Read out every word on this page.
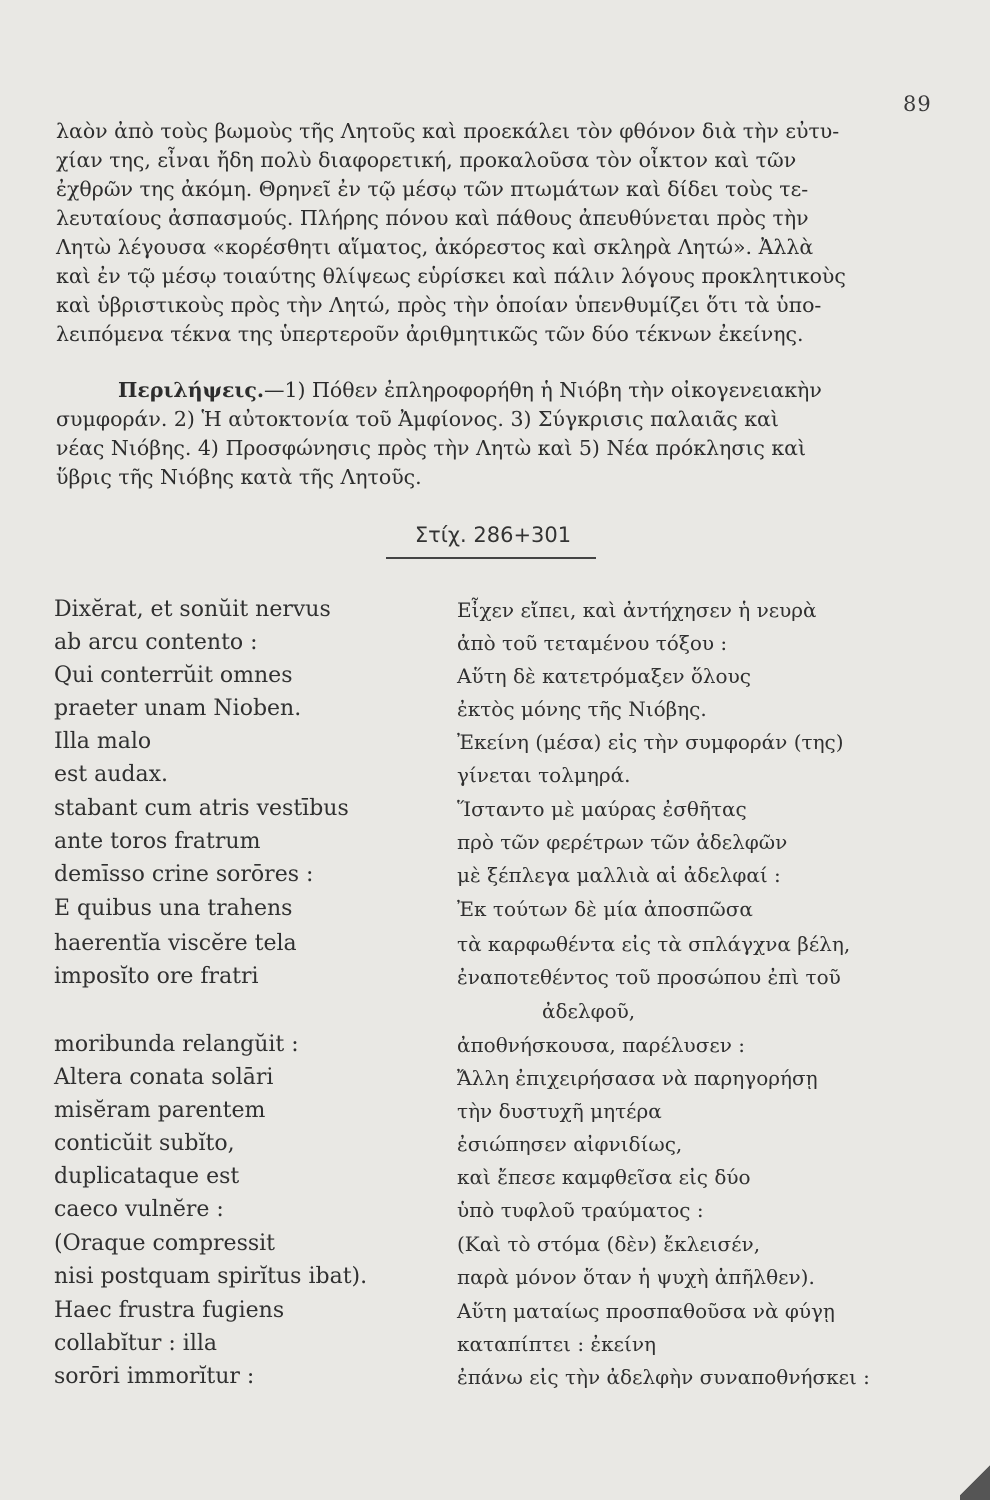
89
λαὸν ἀπὸ τοὺς βωμοὺς τῆς Λητοῦς καὶ προεκάλει τὸν φθόνον διὰ τὴν εὐτυ-
χίαν της, εἶναι ἤδη πολὺ διαφορετική, προκαλοῦσα τὸν οἶκτον καὶ τῶν
ἐχθρῶν της ἀκόμη. Θρηνεῖ ἐν τῷ μέσῳ τῶν πτωμάτων καὶ δίδει τοὺς τε-
λευταίους ἀσπασμούς. Πλήρης πόνου καὶ πάθους ἀπευθύνεται πρὸς τὴν
Λητὼ λέγουσα «κορέσθητι αἵματος, ἀκόρεστος καὶ σκληρὰ Λητώ». Ἀλλὰ
καὶ ἐν τῷ μέσῳ τοιαύτης θλίψεως εὑρίσκει καὶ πάλιν λόγους προκλητικοὺς
καὶ ὑβριστικοὺς πρὸς τὴν Λητώ, πρὸς τὴν ὁποίαν ὑπενθυμίζει ὅτι τὰ ὑπο-
λειπόμενα τέκνα της ὑπερτεροῦν ἀριθμητικῶς τῶν δύο τέκνων ἐκείνης.
Περιλήψεις.—1) Πόθεν ἐπληροφορήθη ἡ Νιόβη τὴν οἰκογενειακὴν
συμφοράν. 2) Ἡ αὐτοκτονία τοῦ Ἀμφίονος. 3) Σύγκρισις παλαιᾶς καὶ
νέας Νιόβης. 4) Προσφώνησις πρὸς τὴν Λητὼ καὶ 5) Νέα πρόκλησις καὶ
ὕβρις τῆς Νιόβης κατὰ τῆς Λητοῦς.
Στίχ. 286+301
Dixĕrat, et sonŭit nervus
ab arcu contento :
Qui conterrŭit omnes
praeter unam Nioben.
Illa malo
est audax.
stabant cum atris vestībus
ante toros fratrum
demīsso crine sorōres :
E quibus una trahens
haerentĭa viscĕre tela
imposĭto ore fratri
moribunda relangŭit :
Altera conata solāri
misĕram parentem
conticŭit subĭto,
duplicataque est
caeco vulnĕre :
(Oraque compressit
nisi postquam spirĭtus ibat).
Haec frustra fugiens
collabĭtur : illa
sorōri immorĭtur :
Εἶχεν εἴπει, καὶ ἀντήχησεν ἡ νευρὰ
ἀπὸ τοῦ τεταμένου τόξου :
Αὕτη δὲ κατετρόμαξεν ὅλους
ἐκτὸς μόνης τῆς Νιόβης.
Ἐκείνη (μέσα) εἰς τὴν συμφοράν (της)
γίνεται τολμηρά.
Ἵσταντο μὲ μαύρας ἐσθῆτας
πρὸ τῶν φερέτρων τῶν ἀδελφῶν
μὲ ξέπλεγα μαλλιὰ αἱ ἀδελφαί :
Ἐκ τούτων δὲ μία ἀποσπῶσα
τὰ καρφωθέντα εἰς τὰ σπλάγχνα βέλη,
ἐναποτεθέντος τοῦ προσώπου ἐπὶ τοῦ
ἀδελφοῦ,
ἀποθνήσκουσα, παρέλυσεν :
Ἄλλη ἐπιχειρήσασα νὰ παρηγορήσῃ
τὴν δυστυχῆ μητέρα
ἐσιώπησεν αἰφνιδίως,
καὶ ἔπεσε καμφθεῖσα εἰς δύο
ὑπὸ τυφλοῦ τραύματος :
(Καὶ τὸ στόμα (δὲν) ἔκλεισέν,
παρὰ μόνον ὅταν ἡ ψυχὴ ἀπῆλθεν).
Αὕτη ματαίως προσπαθοῦσα νὰ φύγῃ
καταπίπτει : ἐκείνη
ἐπάνω εἰς τὴν ἀδελφὴν συναποθνήσκει :
